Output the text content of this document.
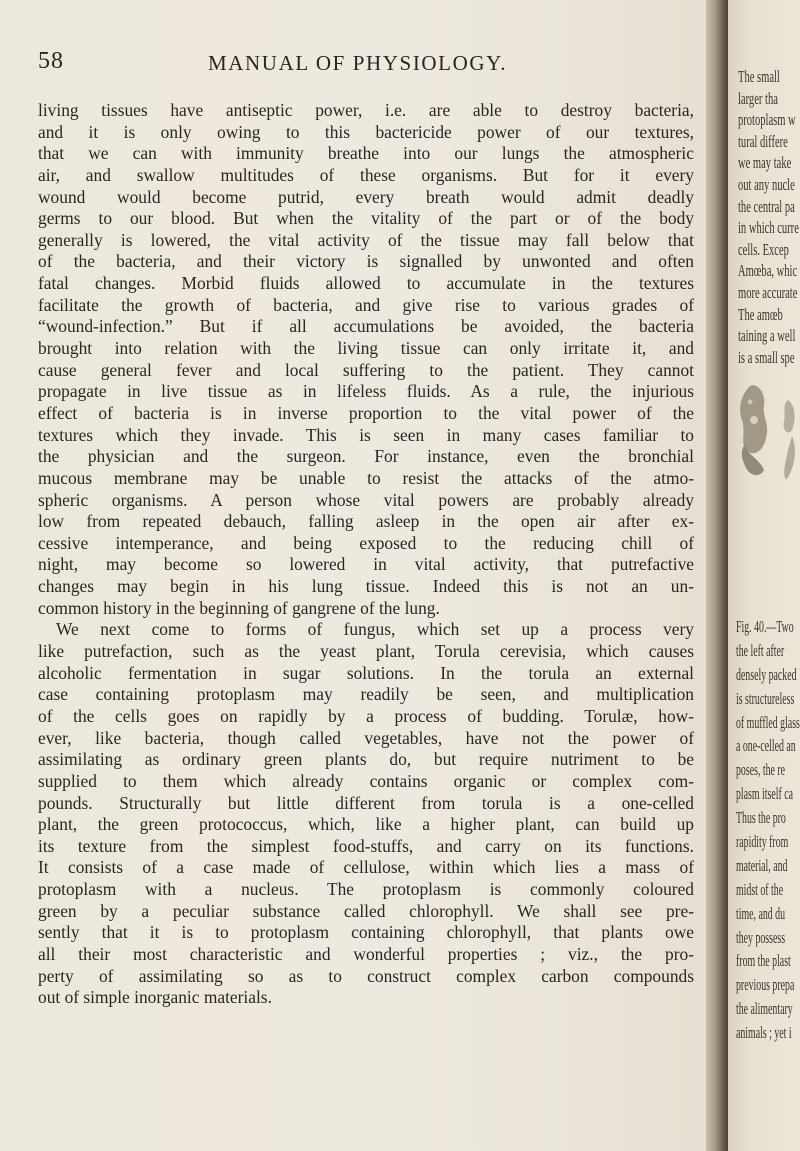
58	MANUAL OF PHYSIOLOGY.
living tissues have antiseptic power, i.e. are able to destroy bacteria,
and it is only owing to this bactericide power of our textures,
that we can with immunity breathe into our lungs the atmospheric
air, and swallow multitudes of these organisms. But for it every
wound would become putrid, every breath would admit deadly
germs to our blood. But when the vitality of the part or of the body
generally is lowered, the vital activity of the tissue may fall below that
of the bacteria, and their victory is signalled by unwonted and often
fatal changes. Morbid fluids allowed to accumulate in the textures
facilitate the growth of bacteria, and give rise to various grades of
“wound-infection.” But if all accumulations be avoided, the bacteria
brought into relation with the living tissue can only irritate it, and
cause general fever and local suffering to the patient. They cannot
propagate in live tissue as in lifeless fluids. As a rule, the injurious
effect of bacteria is in inverse proportion to the vital power of the
textures which they invade. This is seen in many cases familiar to
the physician and the surgeon. For instance, even the bronchial
mucous membrane may be unable to resist the attacks of the atmo-
spheric organisms. A person whose vital powers are probably already
low from repeated debauch, falling asleep in the open air after ex-
cessive intemperance, and being exposed to the reducing chill of
night, may become so lowered in vital activity, that putrefactive
changes may begin in his lung tissue. Indeed this is not an un-
common history in the beginning of gangrene of the lung.
We next come to forms of fungus, which set up a process very
like putrefaction, such as the yeast plant, Torula cerevisia, which causes
alcoholic fermentation in sugar solutions. In the torula an external
case containing protoplasm may readily be seen, and multiplication
of the cells goes on rapidly by a process of budding. Torulæ, how-
ever, like bacteria, though called vegetables, have not the power of
assimilating as ordinary green plants do, but require nutriment to be
supplied to them which already contains organic or complex com-
pounds. Structurally but little different from torula is a one-celled
plant, the green protococcus, which, like a higher plant, can build up
its texture from the simplest food-stuffs, and carry on its functions.
It consists of a case made of cellulose, within which lies a mass of
protoplasm with a nucleus. The protoplasm is commonly coloured
green by a peculiar substance called chlorophyll. We shall see pre-
sently that it is to protoplasm containing chlorophyll, that plants owe
all their most characteristic and wonderful properties ; viz., the pro-
perty of assimilating so as to construct complex carbon compounds
out of simple inorganic materials.
The small
larger tha
protoplasm w
tural differe
we may take
out any nucle
the central pa
in which curre
cells. Excep
Amœba, whic
more accurate
The amœb
taining a well
is a small spe
Fig. 40.—Two
the left after
densely packed
is structureless
of muffled glass
a one-celled an
poses, the re
plasm itself ca
Thus the pro
rapidity from
material, and
midst of the
time, and du
they possess
from the plast
previous prepa
the alimentary
animals ; yet i
